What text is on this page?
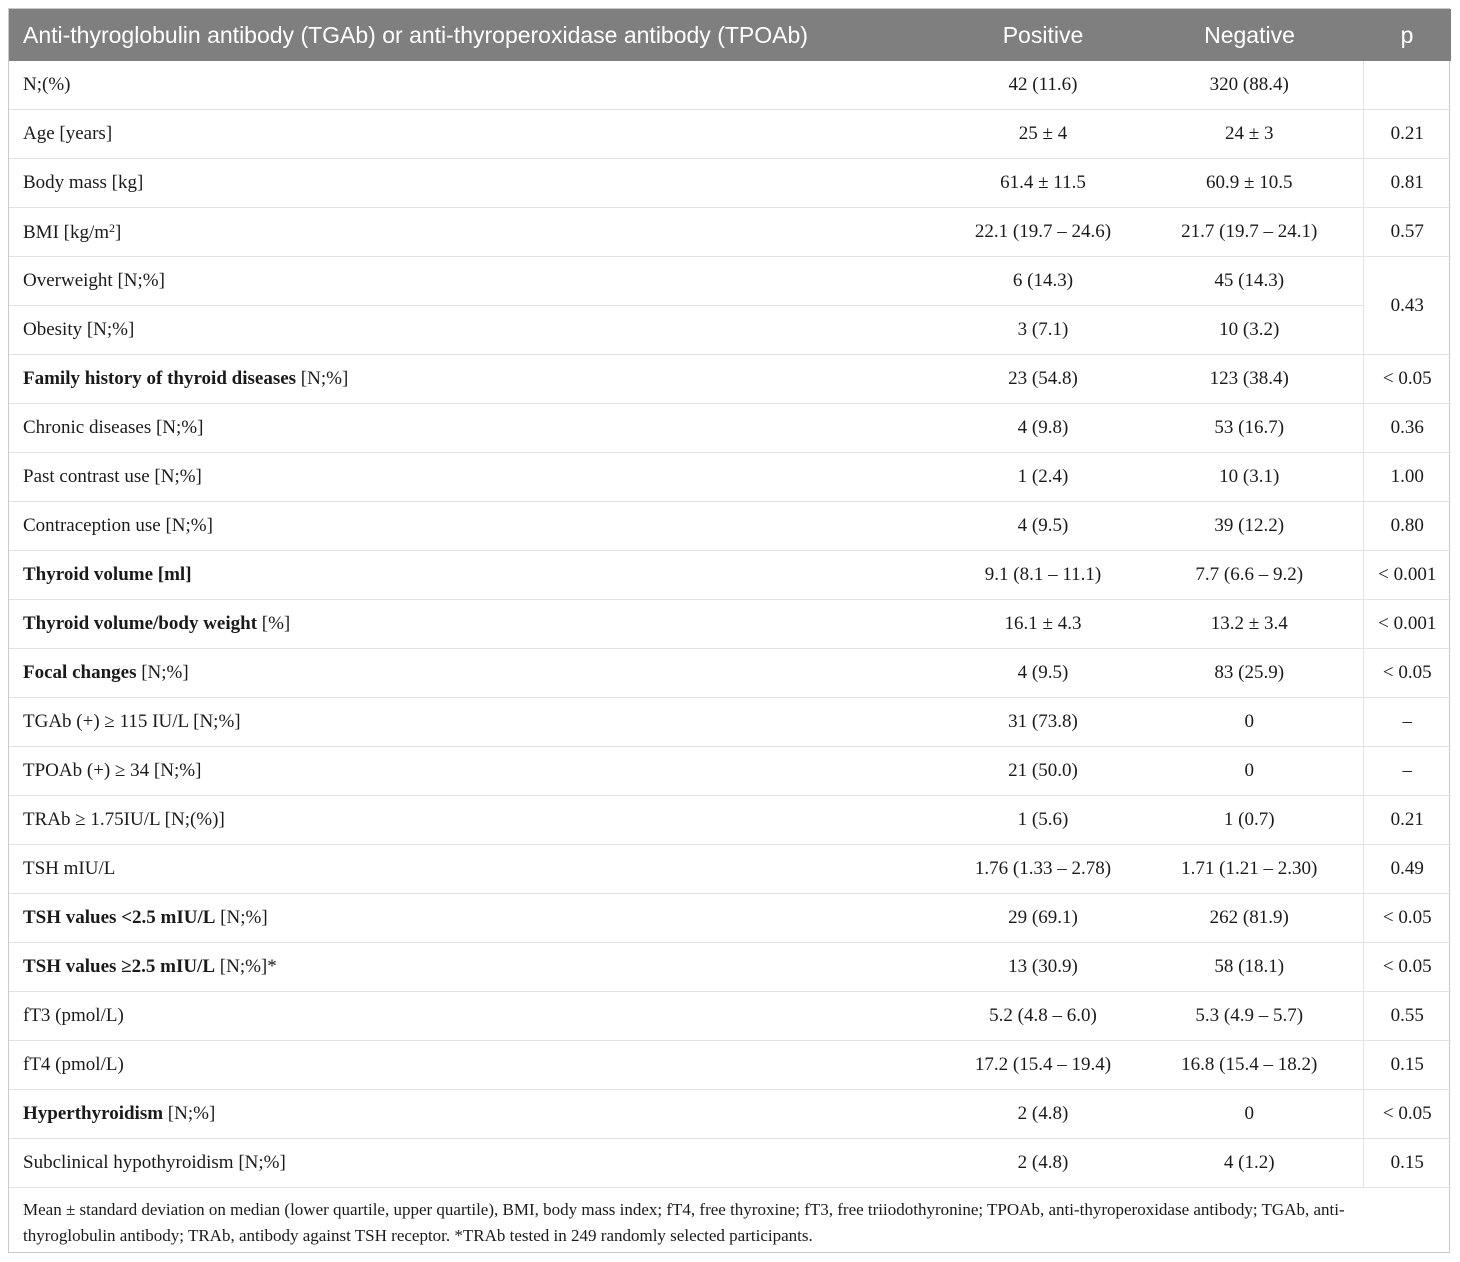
Anti-thyroglobulin antibody (TGAb) or anti-thyroperoxidase antibody (TPOAb)	Positive	Negative	p
N;(%)	42 (11.6)	320 (88.4)	
Age [years]	25 ± 4	24 ± 3	0.21
Body mass [kg]	61.4 ± 11.5	60.9 ± 10.5	0.81
BMI $[kg/m^2]$	22.1 (19.7 – 24.6)	21.7 (19.7 – 24.1)	0.57
Overweight [N;%]	6 (14.3)	45 (14.3)	0.43
Obesity [N;%]	3 (7.1)	10 (3.2)	
Family history of thyroid diseases [N;%]	23 (54.8)	123 (38.4)	< 0.05
Chronic diseases [N;%]	4 (9.8)	53 (16.7)	0.36
Past contrast use [N;%]	1 (2.4)	10 (3.1)	1.00
Contraception use [N;%]	4 (9.5)	39 (12.2)	0.80
Thyroid volume [ml]	9.1 (8.1 – 11.1)	7.7 (6.6 – 9.2)	< 0.001
Thyroid volume/body weight [%]	16.1 ± 4.3	13.2 ± 3.4	< 0.001
Focal changes [N;%]	4 (9.5)	83 (25.9)	< 0.05
TGAb (+) ≥ 115 IU/L [N;%]	31 (73.8)	0	–
TPOAb (+) ≥ 34 [N;%]	21 (50.0)	0	–
TRAb ≥ 1.75IU/L [N;(%)]	1 (5.6)	1 (0.7)	0.21
TSH mIU/L	1.76 (1.33 – 2.78)	1.71 (1.21 – 2.30)	0.49
TSH values <2.5 mIU/L [N;%]	29 (69.1)	262 (81.9)	< 0.05
TSH values ≥2.5 mIU/L [N;%]*	13 (30.9)	58 (18.1)	< 0.05
fT3 (pmol/L)	5.2 (4.8 – 6.0)	5.3 (4.9 – 5.7)	0.55
fT4 (pmol/L)	17.2 (15.4 – 19.4)	16.8 (15.4 – 18.2)	0.15
Hyperthyroidism [N;%]	2 (4.8)	0	< 0.05
Subclinical hypothyroidism [N;%]	2 (4.8)	4 (1.2)	0.15
Mean ± standard deviation on median (lower quartile, upper quartile), BMI, body mass index; fT4, free thyroxine; fT3, free triiodothyronine; TPOAb, anti-thyroperoxidase antibody; TGAb, anti-thyroglobulin antibody; TRAb, antibody against TSH receptor. *TRAb tested in 249 randomly selected participants.
